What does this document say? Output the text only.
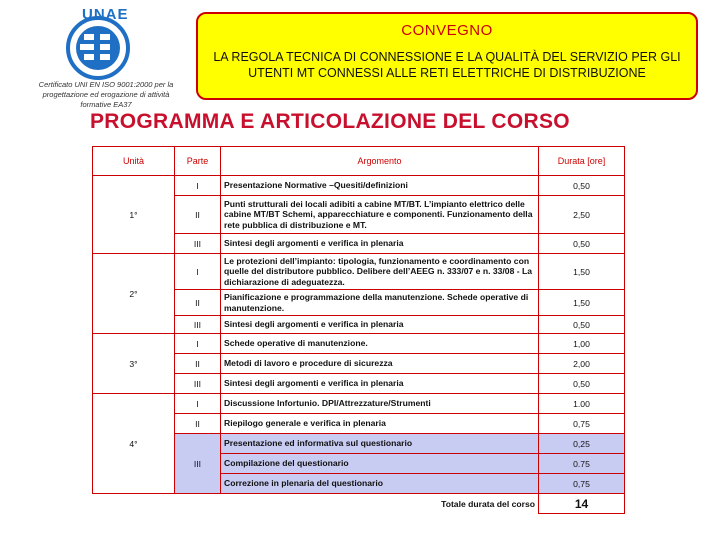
UNAE
Certificato UNI EN ISO 9001:2000 per la progettazione ed erogazione di attività formative EA37
CONVEGNO
LA REGOLA TECNICA DI CONNESSIONE E LA QUALITÀ DEL SERVIZIO PER GLI UTENTI MT CONNESSI ALLE RETI ELETTRICHE DI DISTRIBUZIONE
PROGRAMMA E ARTICOLAZIONE DEL CORSO
Unità	Parte	Argomento	Durata [ore]
1°	I	Presentazione Normative –Quesiti/definizioni	0,50
	II	Punti strutturali dei locali adibiti a cabine MT/BT. L’impianto elettrico delle cabine MT/BT Schemi, apparecchiature e componenti. Funzionamento della rete pubblica di distribuzione e MT.	2,50
	III	Sintesi degli argomenti e verifica in plenaria	0,50
2°	I	Le protezioni dell’impianto: tipologia, funzionamento e coordinamento con quelle del distributore pubblico. Delibere dell’AEEG n. 333/07 e n. 33/08 - La dichiarazione di adeguatezza.	1,50
	II	Pianificazione e programmazione della manutenzione. Schede operative di manutenzione.	1,50
	III	Sintesi degli argomenti e verifica in plenaria	0,50
3°	I	Schede operative di manutenzione.	1,00
	II	Metodi di lavoro e procedure di sicurezza	2,00
	III	Sintesi degli argomenti e verifica in plenaria	0,50
4°	I	Discussione Infortunio. DPI/Attrezzature/Strumenti	1.00
	II	Riepilogo generale e verifica in plenaria	0,75
	III	Presentazione ed informativa sul questionario	0,25
		Compilazione del questionario	0.75
		Correzione in plenaria del questionario	0,75
		Totale durata del corso	14
